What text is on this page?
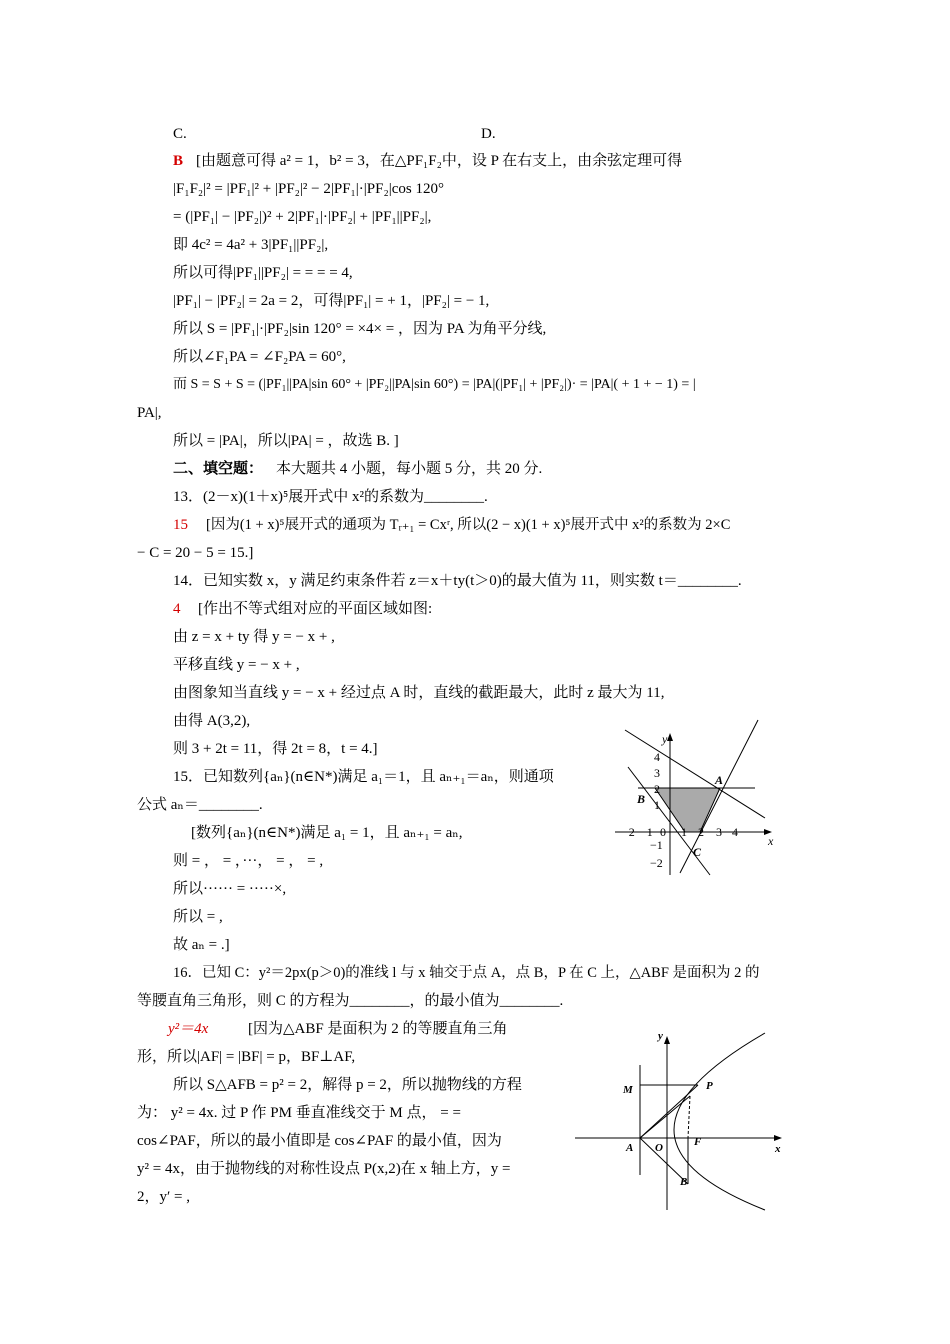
C.	D.
B [由题意可得 a² = 1，b² = 3，在△PF₁F₂中，设 P 在右支上，由余弦定理可得
|F₁F₂|² = |PF₁|² + |PF₂|² − 2|PF₁|·|PF₂|cos 120°
= (|PF₁| − |PF₂|)² + 2|PF₁|·|PF₂| + |PF₁||PF₂|,
即 4c² = 4a² + 3|PF₁||PF₂|,
所以可得|PF₁||PF₂| = = = = 4,
|PF₁| − |PF₂| = 2a = 2，可得|PF₁| = + 1，|PF₂| = − 1,
所以 S = |PF₁|·|PF₂|sin 120° = ×4× = ，因为 PA 为角平分线,
所以∠F₁PA = ∠F₂PA = 60°,
而 S = S + S = (|PF₁||PA|sin 60° + |PF₂||PA|sin 60°) = |PA|(|PF₁| + |PF₂|)· = |PA|( + 1 + − 1) = |
PA|,
所以 = |PA|，所以|PA| = ，故选 B. ]
二、填空题： 本大题共 4 小题，每小题 5 分，共 20 分.
13．(2－x)(1＋x)⁵展开式中 x²的系数为________.
15 [因为(1 + x)⁵展开式的通项为 Tᵣ₊₁ = Cxʳ, 所以(2 − x)(1 + x)⁵展开式中 x²的系数为 2×C
− C = 20 − 5 = 15.]
14．已知实数 x，y 满足约束条件若 z＝x＋ty(t＞0)的最大值为 11，则实数 t＝________.
4 [作出不等式组对应的平面区域如图:
由 z = x + ty 得 y = − x + ,
平移直线 y = − x + ,
由图象知当直线 y = − x + 经过点 A 时，直线的截距最大，此时 z 最大为 11,
由得 A(3,2),
则 3 + 2t = 11，得 2t = 8，t = 4.]
15．已知数列{aₙ}(n∈N*)满足 a₁＝1，且 aₙ₊₁＝aₙ，则通项
公式 aₙ＝________.
[数列{aₙ}(n∈N*)满足 a₁ = 1，且 aₙ₊₁ = aₙ,
则 = ， = ，···， = ， = ,
所以······ = ·····×,
所以 = ,
故 aₙ = .]
16．已知 C：y²＝2px(p＞0)的准线 l 与 x 轴交于点 A，点 B，P 在 C 上，△ABF 是面积为 2 的
等腰直角三角形，则 C 的方程为________，的最小值为________.
y²＝4x	[因为△ABF 是面积为 2 的等腰直角三角
形，所以|AF| = |BF| = p，BF⊥AF,
所以 S△AFB = p² = 2，解得 p = 2，所以抛物线的方程
为： y² = 4x. 过 P 作 PM 垂直准线交于 M 点， = =
cos∠PAF，所以的最小值即是 cos∠PAF 的最小值，因为
y² = 4x，由于抛物线的对称性设点 P(x,2)在 x 轴上方，y =
2，y′ = ,
y
x
A
B
C
4
3
2
1
−2 −1 0 1 2 3 4
−1
−2
y
x
M	P
A O	F
B
